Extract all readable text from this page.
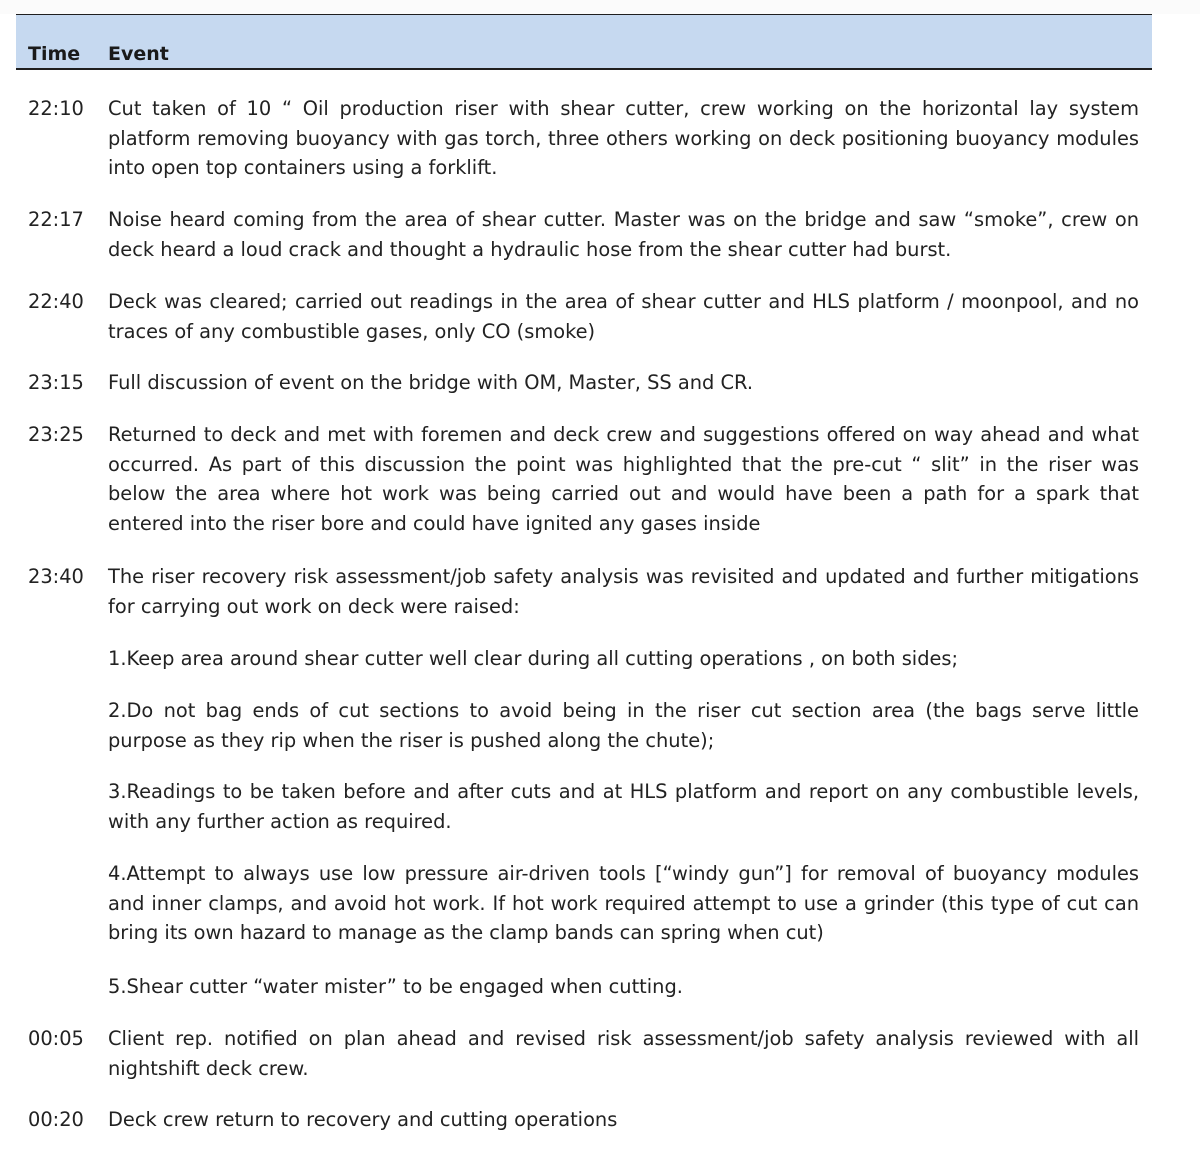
Time Event
22:10	Cut taken of 10 “ Oil production riser with shear cutter, crew working on the horizontal lay system platform removing buoyancy with gas torch, three others working on deck positioning buoyancy modules into open top containers using a forklift.
22:17	Noise heard coming from the area of shear cutter. Master was on the bridge and saw “smoke”, crew on deck heard a loud crack and thought a hydraulic hose from the shear cutter had burst.
22:40	Deck was cleared; carried out readings in the area of shear cutter and HLS platform / moonpool, and no traces of any combustible gases, only CO (smoke)
23:15	Full discussion of event on the bridge with OM, Master, SS and CR.
23:25	Returned to deck and met with foremen and deck crew and suggestions offered on way ahead and what occurred. As part of this discussion the point was highlighted that the pre-cut “ slit” in the riser was below the area where hot work was being carried out and would have been a path for a spark that entered into the riser bore and could have ignited any gases inside
23:40	The riser recovery risk assessment/job safety analysis was revisited and updated and further mitigations for carrying out work on deck were raised:
1.Keep area around shear cutter well clear during all cutting operations , on both sides;
2.Do not bag ends of cut sections to avoid being in the riser cut section area (the bags serve little purpose as they rip when the riser is pushed along the chute);
3.Readings to be taken before and after cuts and at HLS platform and report on any combustible levels, with any further action as required.
4.Attempt to always use low pressure air-driven tools [“windy gun”] for removal of buoyancy modules and inner clamps, and avoid hot work. If hot work required attempt to use a grinder (this type of cut can bring its own hazard to manage as the clamp bands can spring when cut)
5.Shear cutter “water mister” to be engaged when cutting.
00:05	Client rep. notified on plan ahead and revised risk assessment/job safety analysis reviewed with all nightshift deck crew.
00:20	Deck crew return to recovery and cutting operations
